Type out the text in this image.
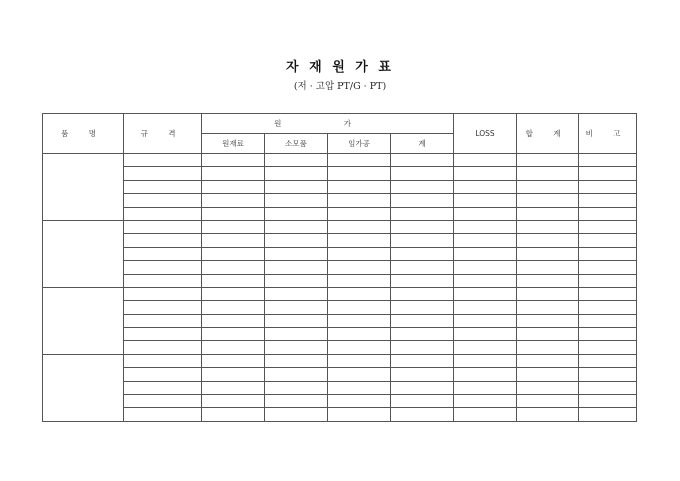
자 재 원 가 표
(저 · 고압 PT/G · PT)
품 명	규 격	원 가				LOSS	합 계	비 고
		원재료	소모품	임가공	계			
